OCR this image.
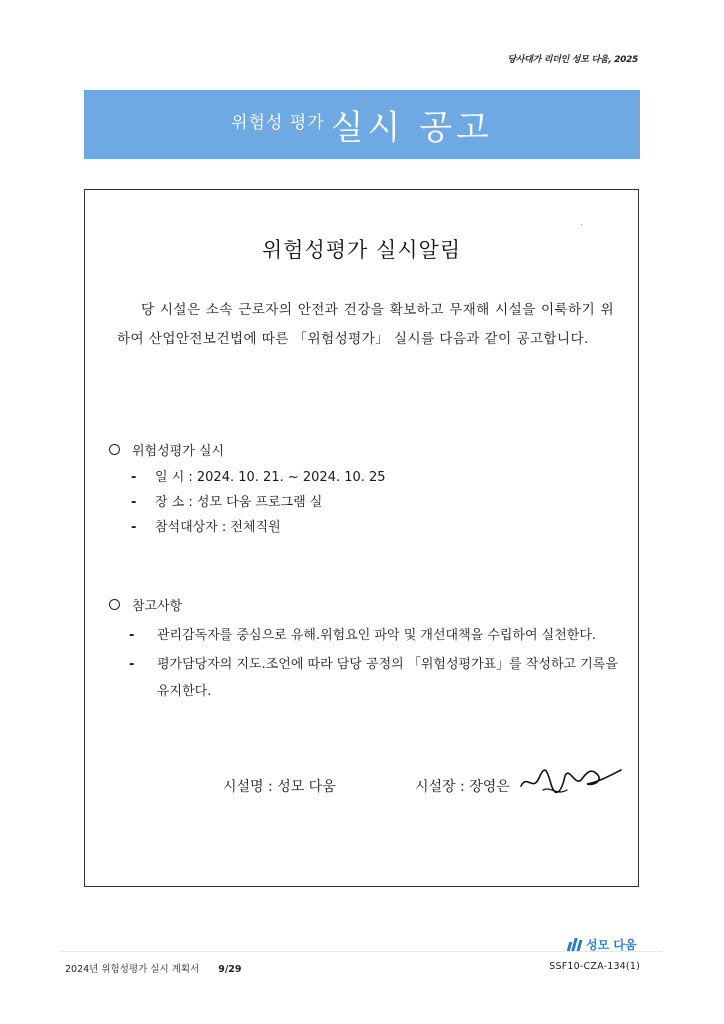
당사대가 리더인 성모 다움, 2025
위험성 평가 실시 공고
ᆞ
위험성평가 실시알림
당 시설은 소속 근로자의 안전과 건강을 확보하고 무재해 시설을 이룩하기 위하여 산업안전보건법에 따른 「위험성평가」 실시를 다음과 같이 공고합니다.
위험성평가 실시
-	일 시 : 2024. 10. 21. ~ 2024. 10. 25
-	장 소 : 성모 다움 프로그램 실
-	참석대상자 : 전체직원
참고사항
-	관리감독자를 중심으로 유해.위험요인 파악 및 개선대책을 수립하여 실천한다.
-	평가담당자의 지도.조언에 따라 담당 공정의 「위험성평가표」를 작성하고 기록을 유지한다.
시설명 : 성모 다움	시설장 : 장영은
성모 다움
2024년 위험성평가 실시 계획서 9/29	SSF10-CZA-134(1)
